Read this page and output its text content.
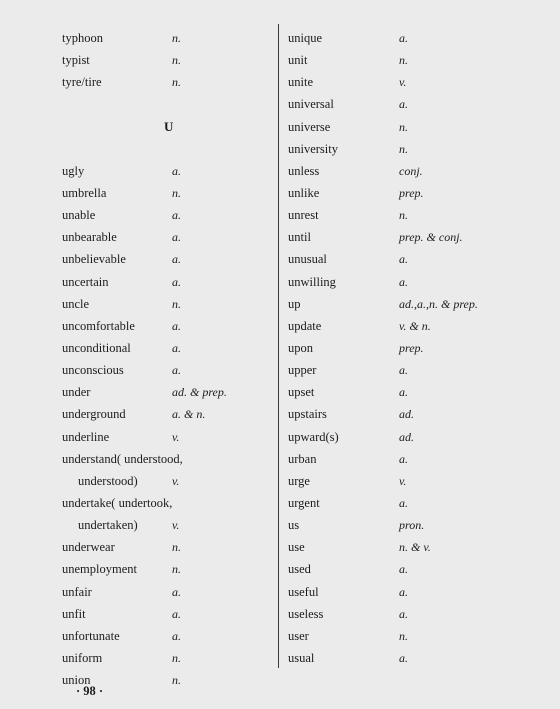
typhoon	n.
typist	n.
tyre/tire	n.
U
ugly	a.
umbrella	n.
unable	a.
unbearable	a.
unbelievable	a.
uncertain	a.
uncle	n.
uncomfortable	a.
unconditional	a.
unconscious	a.
under	ad. & prep.
underground	a. & n.
underline	v.
understand( understood,
understood)	v.
undertake( undertook,
undertaken)	v.
underwear	n.
unemployment	n.
unfair	a.
unfit	a.
unfortunate	a.
uniform	n.
union	n.
unique	a.
unit	n.
unite	v.
universal	a.
universe	n.
university	n.
unless	conj.
unlike	prep.
unrest	n.
until	prep. & conj.
unusual	a.
unwilling	a.
up	ad.,a.,n. & prep.
update	v. & n.
upon	prep.
upper	a.
upset	a.
upstairs	ad.
upward(s)	ad.
urban	a.
urge	v.
urgent	a.
us	pron.
use	n. & v.
used	a.
useful	a.
useless	a.
user	n.
usual	a.
· 98 ·
